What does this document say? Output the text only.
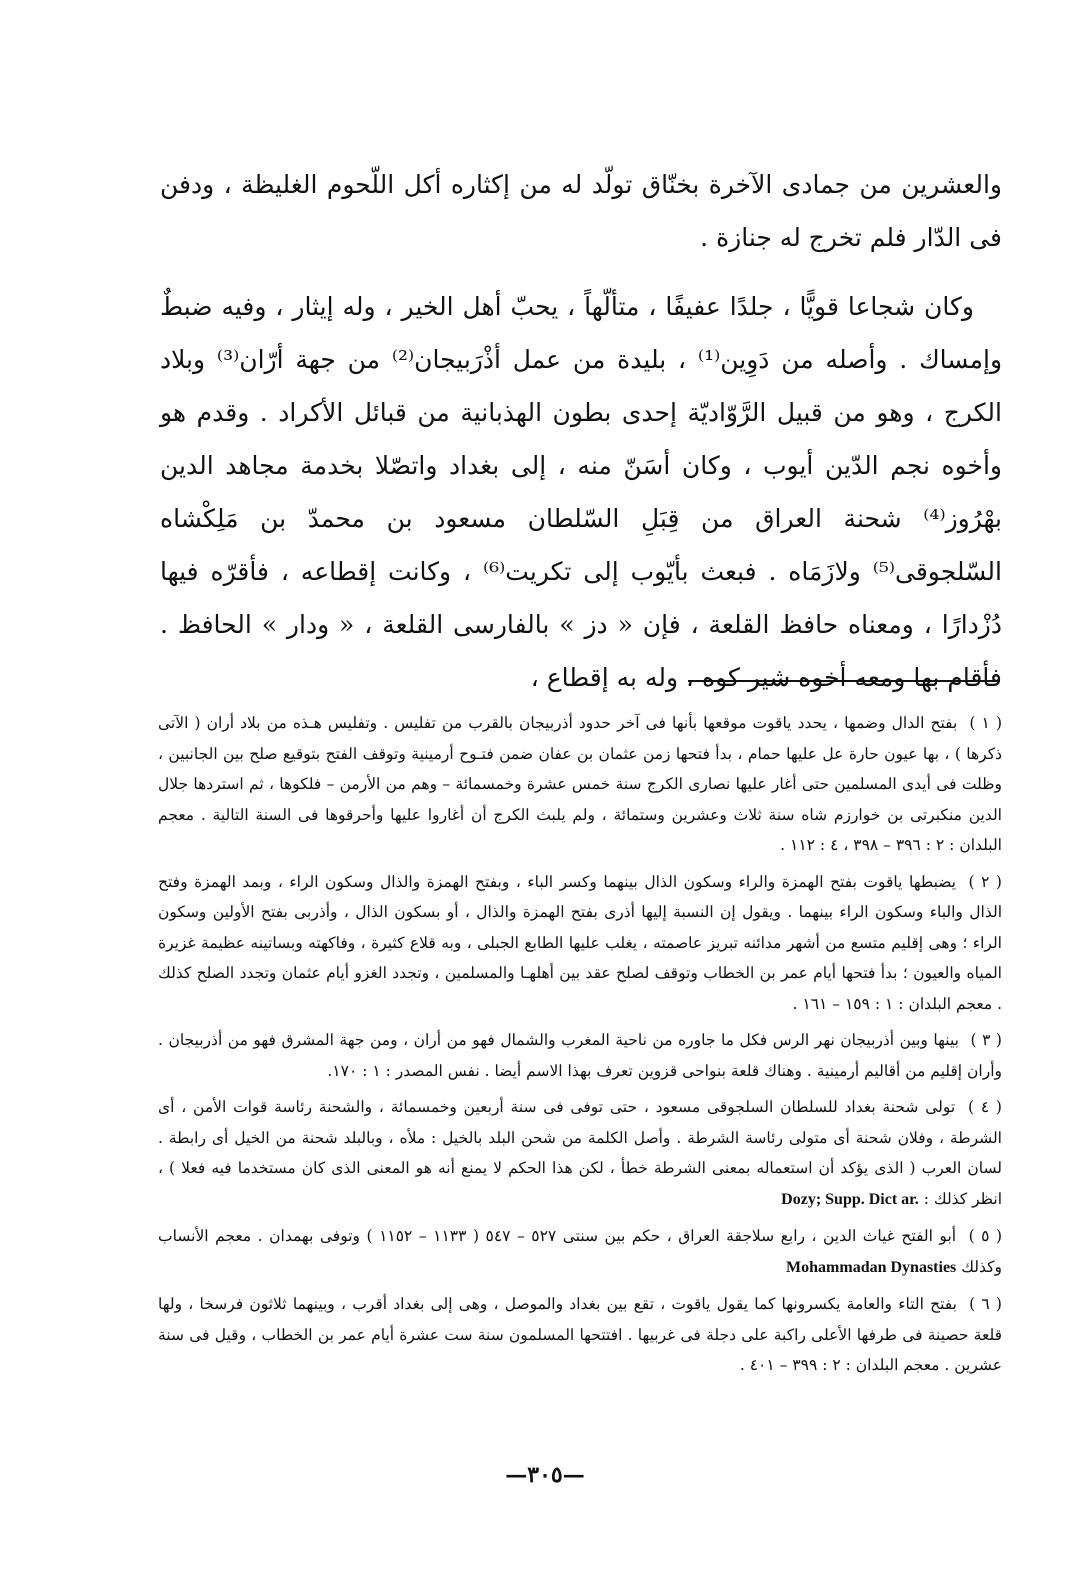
والعشرين من جمادى الآخرة بخنّاق تولّد له من إكثاره أكل اللّحوم الغليظة ، ودفن فى الدّار فلم تخرج له جنازة .

وكان شجاعا قويًّا ، جلدًا عفيفًا ، متألّهاً ، يحبّ أهل الخير ، وله إيثار ، وفيه ضبطٌ وإمساك . وأصله من دَوِين⁽¹⁾ ، بليدة من عمل أذْرَبيجان⁽²⁾ من جهة أرّان⁽³⁾ وبلاد الكرج ، وهو من قبيل الرَّوّاديّة إحدى بطون الهذبانية من قبائل الأكراد . وقدم هو وأخوه نجم الدّين أيوب ، وكان أسَنّ منه ، إلى بغداد واتصّلا بخدمة مجاهد الدين بهْرُوز⁽⁴⁾ شحنة العراق من قِبَلِ السّلطان مسعود بن محمدّ بن مَلِكْشاه السّلجوقى⁽⁵⁾ ولازَمَاه . فبعث بأيّوب إلى تكريت⁽⁶⁾ ، وكانت إقطاعه ، فأقرّه فيها دُزْدارًا ، ومعناه حافظ القلعة ، فإن « دز » بالفارسى القلعة ، « ودار » الحافظ . فأقام بها ومعه أخوه شير كوه ، وله به إقطاع ،

( ١ ) بفتح الدال وضمها ، يحدد ياقوت موقعها بأنها فى آخر حدود أذربيجان بالقرب من تفليس . وتفليس هـذه من بلاد أران ( الآتى ذكرها ) ، بها عيون حارة عل عليها حمام ، بدأ فتحها زمن عثمان بن عفان ضمن فتـوح أرمينية وتوقف الفتح بتوقيع صلح بين الجانبين ، وظلت فى أيدى المسلمين حتى أغار عليها نصارى الكرج سنة خمس عشرة وخمسمائة – وهم من الأرمن – فلكوها ، ثم استردها جلال الدين منكبرتى بن خوارزم شاه سنة ثلاث وعشرين وستمائة ، ولم يلبث الكرج أن أغاروا عليها وأحرقوها فى السنة التالية . معجم البلدان : ٢ : ٣٩٦ – ٣٩٨ ، ٤ : ١١٢ .

( ٢ ) يضبطها ياقوت بفتح الهمزة والراء وسكون الذال بينهما وكسر الباء ، وبفتح الهمزة والذال وسكون الراء ، وبمد الهمزة وفتح الذال والباء وسكون الراء بينهما . ويقول إن النسبة إليها أذرى بفتح الهمزة والذال ، أو بسكون الذال ، وأذربى بفتح الأولين وسكون الراء ؛ وهى إقليم متسع من أشهر مدائنه تبريز عاصمته ، يغلب عليها الطابع الجبلى ، وبه قلاع كثيرة ، وفاكهته وبساتينه عظيمة غزيرة المياه والعيون ؛ بدأ فتحها أيام عمر بن الخطاب وتوقف لصلح عقد بين أهلهـا والمسلمين ، وتجدد الغزو أيام عثمان وتجدد الصلح كذلك . معجم البلدان : ١ : ١٥٩ – ١٦١ .

( ٣ ) بينها وبين أذربيجان نهر الرس فكل ما جاوره من ناحية المغرب والشمال فهو من أران ، ومن جهة المشرق فهو من أذربيجان . وأران إقليم من أقاليم أرمينية . وهناك قلعة بنواحى قزوين تعرف بهذا الاسم أيضا . نفس المصدر : ١ : ١٧٠.

( ٤ ) تولى شحنة بغداد للسلطان السلجوقى مسعود ، حتى توفى فى سنة أربعين وخمسمائة ، والشحنة رئاسة قوات الأمن ، أى الشرطة ، وفلان شحنة أى متولى رئاسة الشرطة . وأصل الكلمة من شحن البلد بالخيل : ملأه ، وبالبلد شحنة من الخيل أى رابطة . لسان العرب ( الذى يؤكد أن استعماله بمعنى الشرطة خطأ ، لكن هذا الحكم لا يمنع أنه هو المعنى الذى كان مستخدما فيه فعلا ) ، انظر كذلك : Dozy; Supp. Dict ar.

( ٥ ) أبو الفتح غياث الدين ، رابع سلاجقة العراق ، حكم بين سنتى ٥٢٧ – ٥٤٧ ( ١١٣٣ – ١١٥٢ ) وتوفى بهمدان . معجم الأنساب وكذلك Mohammadan Dynasties

( ٦ ) بفتح التاء والعامة يكسرونها كما يقول ياقوت ، تقع بين بغداد والموصل ، وهى إلى بغداد أقرب ، وبينهما ثلاثون فرسخا ، ولها قلعة حصينة فى طرفها الأعلى راكبة على دجلة فى غربيها . افتتحها المسلمون سنة ست عشرة أيام عمر بن الخطاب ، وقيل فى سنة عشرين . معجم البلدان : ٢ : ٣٩٩ – ٤٠١ .

—٣٠٥—
